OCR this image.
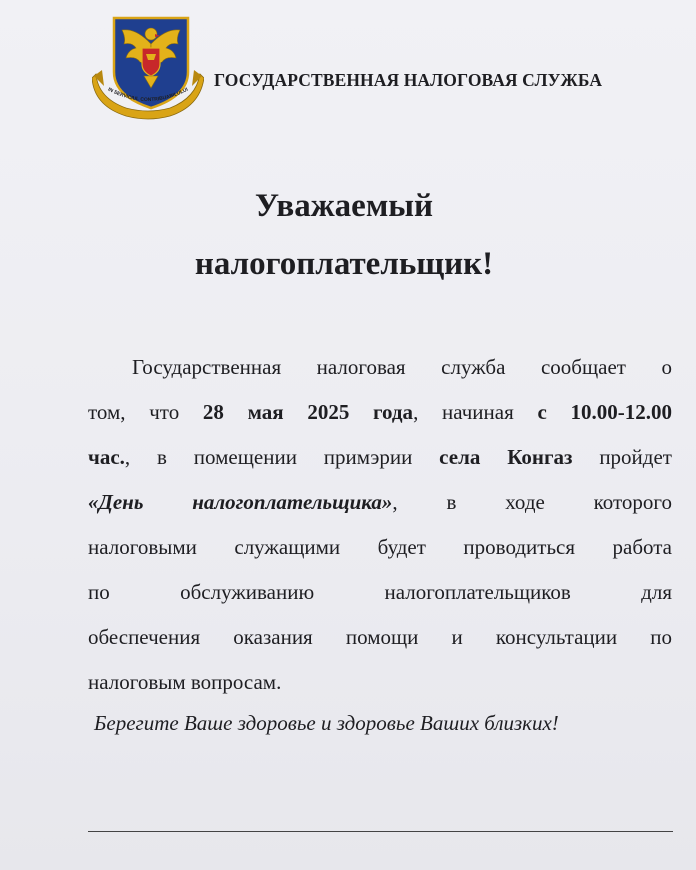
IN SERVICIUL CONTRIBUABILULUI ГОСУДАРСТВЕННАЯ НАЛОГОВАЯ СЛУЖБА
Уважаемый
налогоплательщик!
Государственная налоговая служба сообщает о
том, что 28 мая 2025 года, начиная с 10.00-12.00
час., в помещении примэрии села Конгаз пройдет
«День налогоплательщика», в ходе которого
налоговыми служащими будет проводиться работа
по обслуживанию налогоплательщиков для
обеспечения оказания помощи и консультации по
налоговым вопросам.
Берегите Ваше здоровье и здоровье Ваших близких!
